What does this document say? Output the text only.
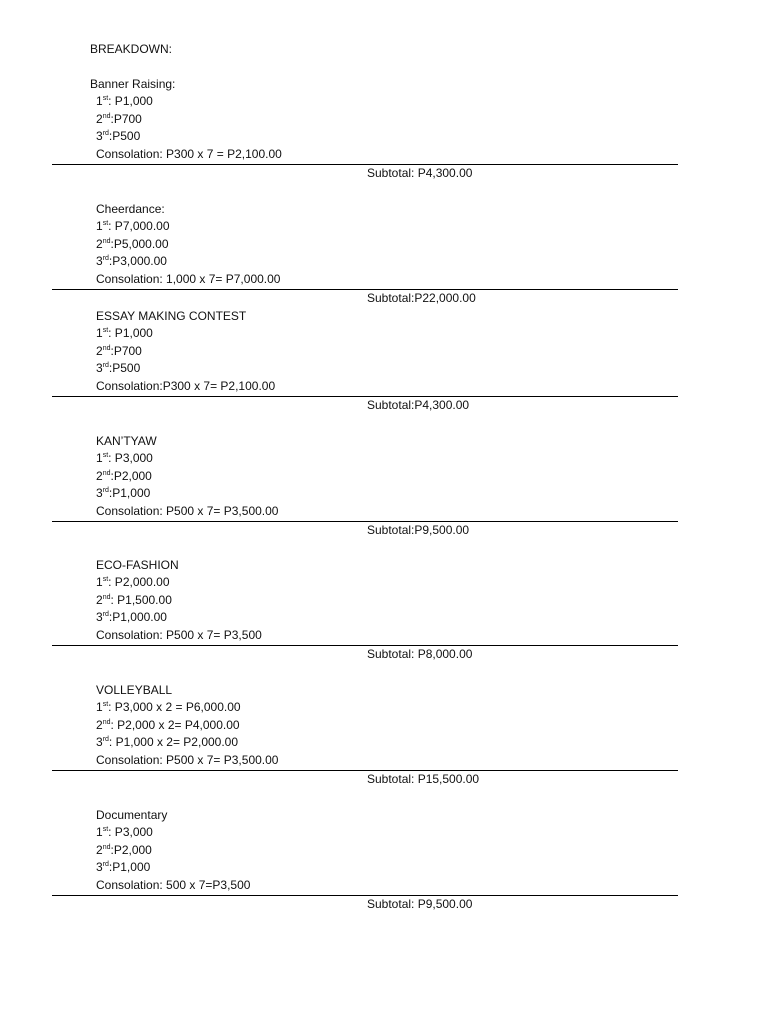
BREAKDOWN:
Banner Raising:
1st: P1,000
2nd:P700
3rd:P500
Consolation: P300 x 7 = P2,100.00
Subtotal: P4,300.00
Cheerdance:
1st: P7,000.00
2nd:P5,000.00
3rd:P3,000.00
Consolation: 1,000 x 7= P7,000.00
Subtotal:P22,000.00
ESSAY MAKING CONTEST
1st: P1,000
2nd:P700
3rd:P500
Consolation:P300 x 7= P2,100.00
Subtotal:P4,300.00
KAN’TYAW
1st: P3,000
2nd:P2,000
3rd:P1,000
Consolation: P500 x 7= P3,500.00
Subtotal:P9,500.00
ECO-FASHION
1st: P2,000.00
2nd: P1,500.00
3rd:P1,000.00
Consolation: P500 x 7= P3,500
Subtotal: P8,000.00
VOLLEYBALL
1st: P3,000 x 2 = P6,000.00
2nd: P2,000 x 2= P4,000.00
3rd: P1,000 x 2= P2,000.00
Consolation: P500 x 7= P3,500.00
Subtotal: P15,500.00
Documentary
1st: P3,000
2nd:P2,000
3rd:P1,000
Consolation: 500 x 7=P3,500
Subtotal: P9,500.00
